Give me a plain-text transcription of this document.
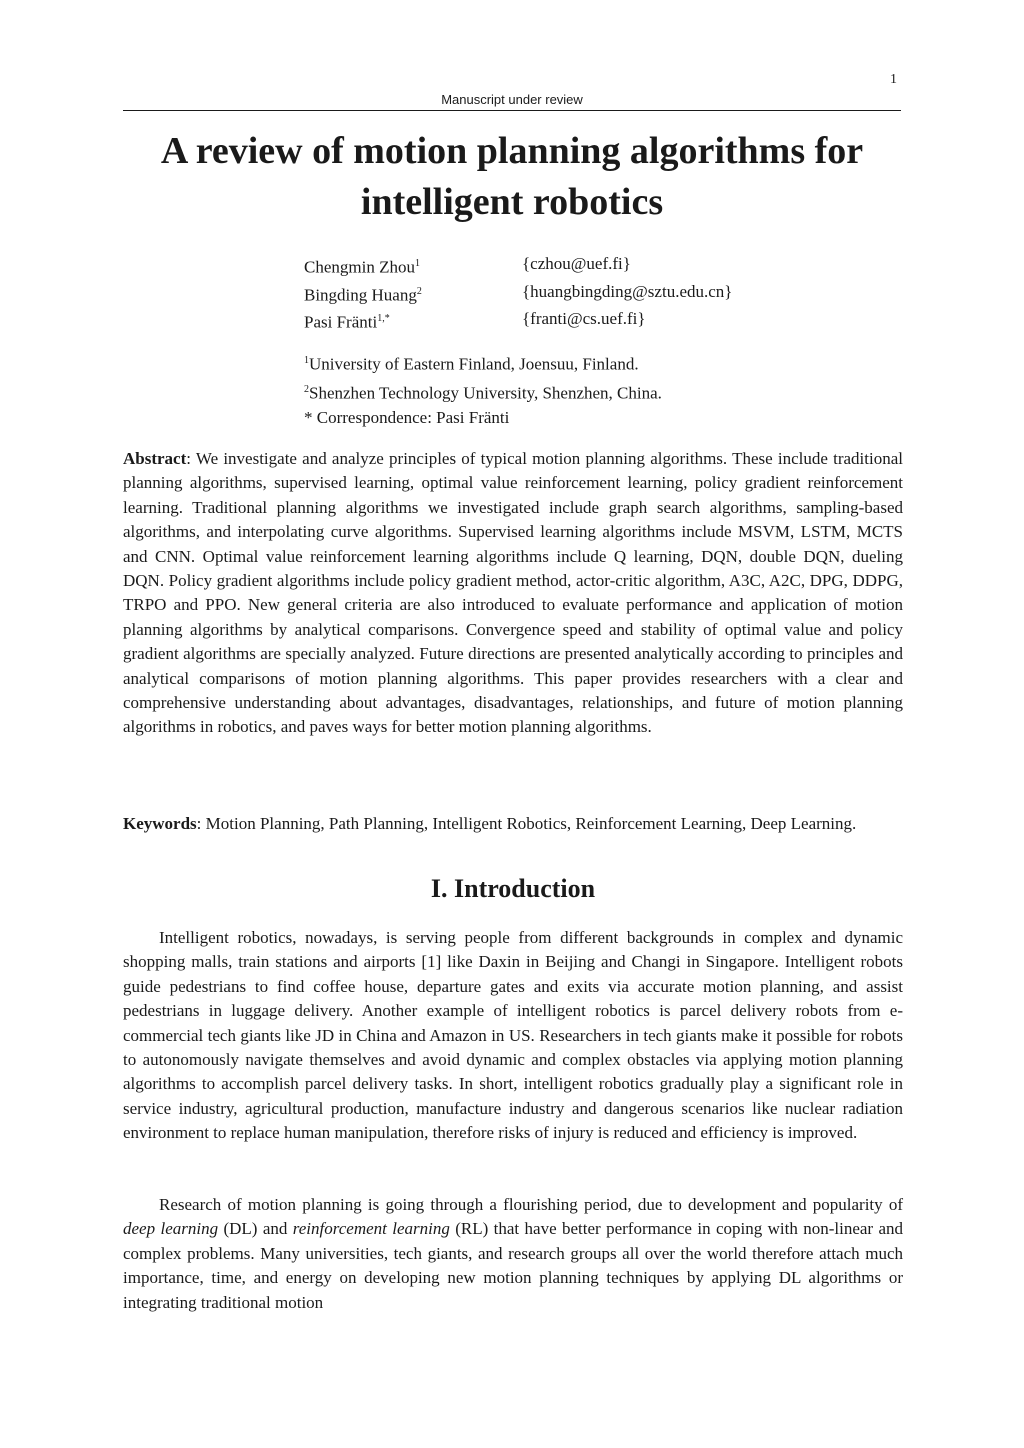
1
Manuscript under review
A review of motion planning algorithms for intelligent robotics
Chengmin Zhou$^1$	{czhou@uef.fi}
Bingding Huang$^2$	{huangbingding@sztu.edu.cn}
Pasi Fränti$^{1,*}$	{franti@cs.uef.fi}
$^1$University of Eastern Finland, Joensuu, Finland.
$^2$Shenzhen Technology University, Shenzhen, China.
* Correspondence: Pasi Fränti

Abstract: We investigate and analyze principles of typical motion planning algorithms. These include traditional planning algorithms, supervised learning, optimal value reinforcement learning, policy gradient reinforcement learning. Traditional planning algorithms we investigated include graph search algorithms, sampling-based algorithms, and interpolating curve algorithms. Supervised learning algorithms include MSVM, LSTM, MCTS and CNN. Optimal value reinforcement learning algorithms include Q learning, DQN, double DQN, dueling DQN. Policy gradient algorithms include policy gradient method, actor-critic algorithm, A3C, A2C, DPG, DDPG, TRPO and PPO. New general criteria are also introduced to evaluate performance and application of motion planning algorithms by analytical comparisons. Convergence speed and stability of optimal value and policy gradient algorithms are specially analyzed. Future directions are presented analytically according to principles and analytical comparisons of motion planning algorithms. This paper provides researchers with a clear and comprehensive understanding about advantages, disadvantages, relationships, and future of motion planning algorithms in robotics, and paves ways for better motion planning algorithms.

Keywords: Motion Planning, Path Planning, Intelligent Robotics, Reinforcement Learning, Deep Learning.

I. Introduction

Intelligent robotics, nowadays, is serving people from different backgrounds in complex and dynamic shopping malls, train stations and airports [1] like Daxin in Beijing and Changi in Singapore. Intelligent robots guide pedestrians to find coffee house, departure gates and exits via accurate motion planning, and assist pedestrians in luggage delivery. Another example of intelligent robotics is parcel delivery robots from e-commercial tech giants like JD in China and Amazon in US. Researchers in tech giants make it possible for robots to autonomously navigate themselves and avoid dynamic and complex obstacles via applying motion planning algorithms to accomplish parcel delivery tasks. In short, intelligent robotics gradually play a significant role in service industry, agricultural production, manufacture industry and dangerous scenarios like nuclear radiation environment to replace human manipulation, therefore risks of injury is reduced and efficiency is improved.

Research of motion planning is going through a flourishing period, due to development and popularity of deep learning (DL) and reinforcement learning (RL) that have better performance in coping with non-linear and complex problems. Many universities, tech giants, and research groups all over the world therefore attach much importance, time, and energy on developing new motion planning techniques by applying DL algorithms or integrating traditional motion
